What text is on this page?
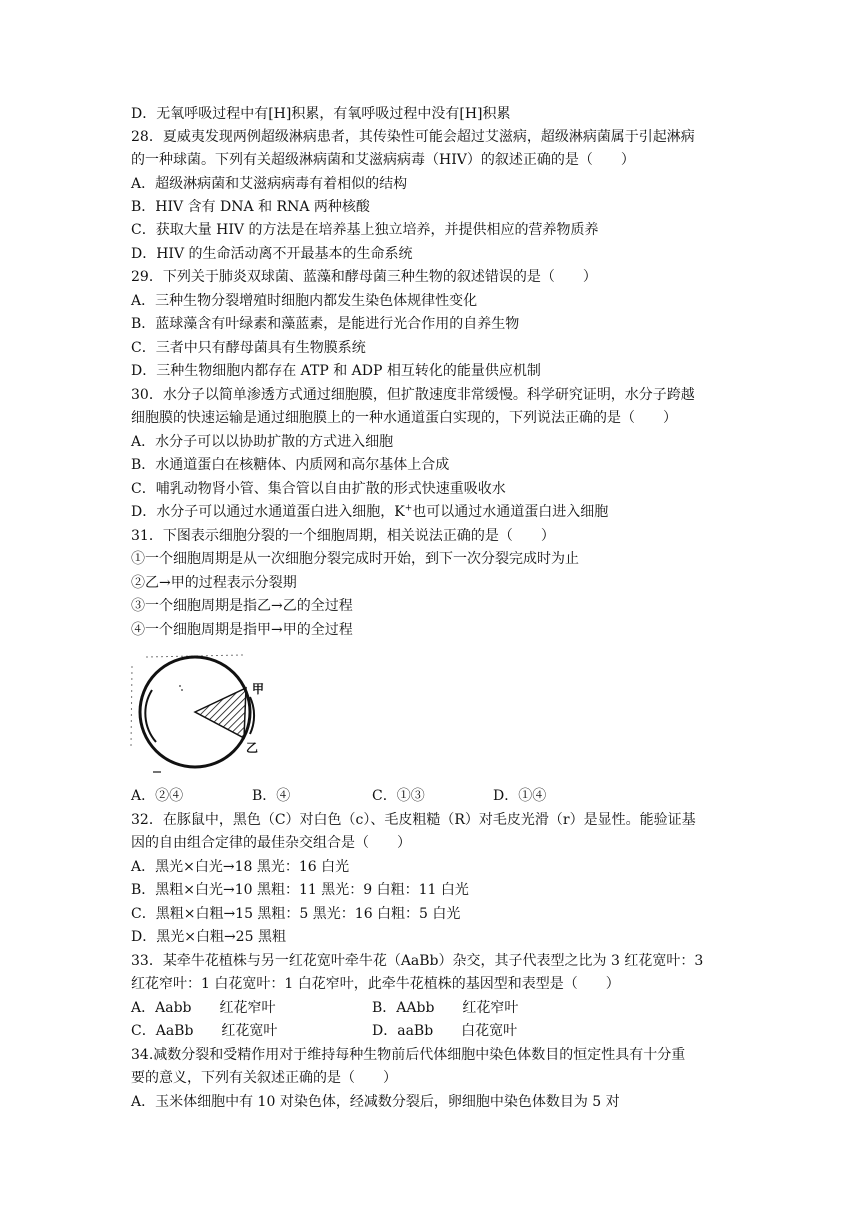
D．无氧呼吸过程中有[H]积累，有氧呼吸过程中没有[H]积累
28．夏威夷发现两例超级淋病患者，其传染性可能会超过艾滋病，超级淋病菌属于引起淋病
的一种球菌。下列有关超级淋病菌和艾滋病病毒（HIV）的叙述正确的是（　　）
A．超级淋病菌和艾滋病病毒有着相似的结构
B．HIV 含有 DNA 和 RNA 两种核酸
C．获取大量 HIV 的方法是在培养基上独立培养，并提供相应的营养物质养
D．HIV 的生命活动离不开最基本的生命系统
29．下列关于肺炎双球菌、蓝藻和酵母菌三种生物的叙述错误的是（　　）
A．三种生物分裂增殖时细胞内都发生染色体规律性变化
B．蓝球藻含有叶绿素和藻蓝素，是能进行光合作用的自养生物
C．三者中只有酵母菌具有生物膜系统
D．三种生物细胞内都存在 ATP 和 ADP 相互转化的能量供应机制
30．水分子以简单渗透方式通过细胞膜，但扩散速度非常缓慢。科学研究证明，水分子跨越
细胞膜的快速运输是通过细胞膜上的一种水通道蛋白实现的，下列说法正确的是（　　）
A．水分子可以以协助扩散的方式进入细胞
B．水通道蛋白在核糖体、内质网和高尔基体上合成
C．哺乳动物肾小管、集合管以自由扩散的形式快速重吸收水
D．水分子可以通过水通道蛋白进入细胞，K+也可以通过水通道蛋白进入细胞
31．下图表示细胞分裂的一个细胞周期，相关说法正确的是（　　）
①一个细胞周期是从一次细胞分裂完成时开始，到下一次分裂完成时为止
②乙→甲的过程表示分裂期
③一个细胞周期是指乙→乙的全过程
④一个细胞周期是指甲→甲的全过程
甲
乙
A．②④	B．④	C．①③	D．①④
32．在豚鼠中，黑色（C）对白色（c）、毛皮粗糙（R）对毛皮光滑（r）是显性。能验证基
因的自由组合定律的最佳杂交组合是（　　）
A．黑光×白光→18 黑光：16 白光
B．黑粗×白光→10 黑粗：11 黑光：9 白粗：11 白光
C．黑粗×白粗→15 黑粗：5 黑光：16 白粗：5 白光
D．黑光×白粗→25 黑粗
33．某牵牛花植株与另一红花宽叶牵牛花（AaBb）杂交，其子代表型之比为 3 红花宽叶：3
红花窄叶：1 白花宽叶：1 白花窄叶，此牵牛花植株的基因型和表型是（　　）
A．Aabb　　红花窄叶	B．AAbb　　红花窄叶
C．AaBb　　红花宽叶	D．aaBb　　白花宽叶
34.减数分裂和受精作用对于维持每种生物前后代体细胞中染色体数目的恒定性具有十分重
要的意义，下列有关叙述正确的是（　　）
A．玉米体细胞中有 10 对染色体，经减数分裂后，卵细胞中染色体数目为 5 对
